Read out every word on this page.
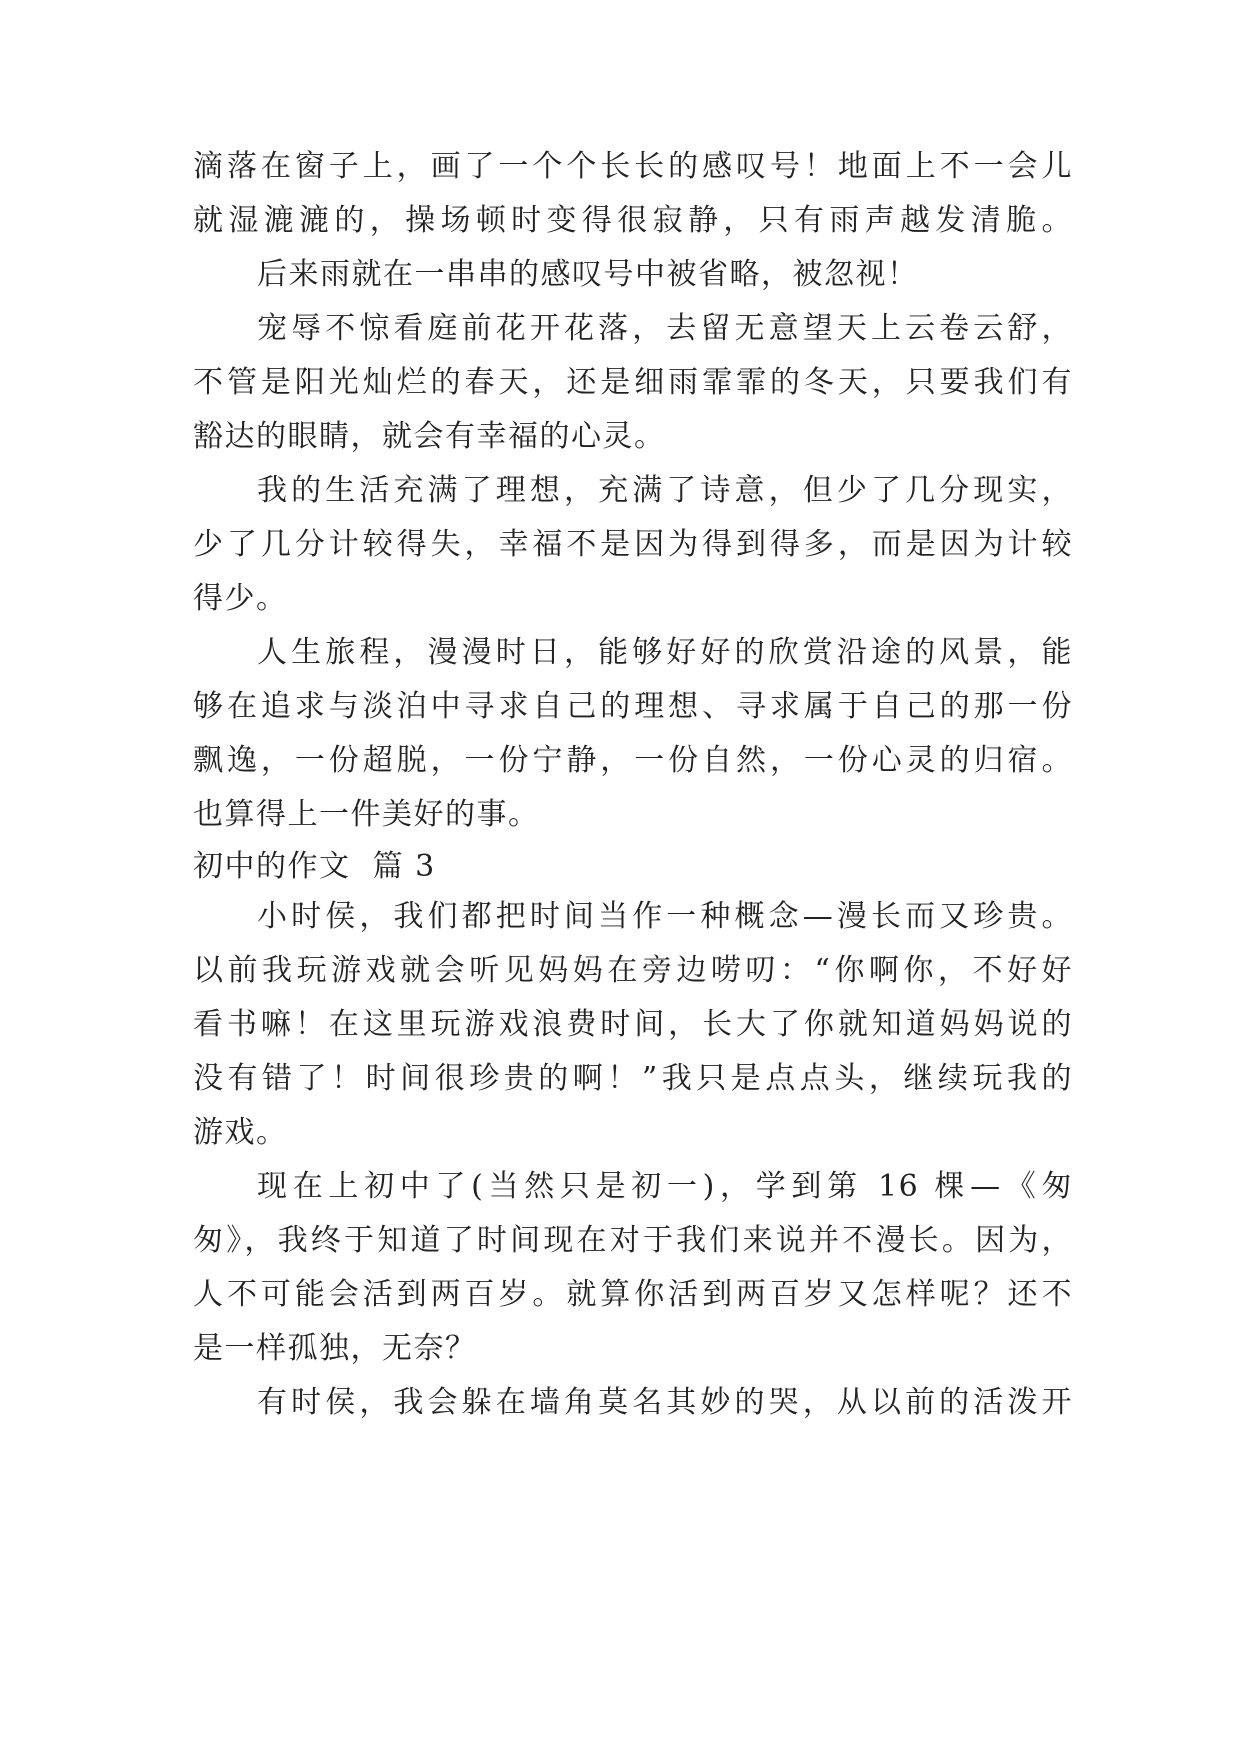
滴落在窗子上，画了一个个长长的感叹号！地面上不一会儿
就湿漉漉的，操场顿时变得很寂静，只有雨声越发清脆。
后来雨就在一串串的感叹号中被省略，被忽视！
宠辱不惊看庭前花开花落，去留无意望天上云卷云舒，
不管是阳光灿烂的春天，还是细雨霏霏的冬天，只要我们有
豁达的眼睛，就会有幸福的心灵。
我的生活充满了理想，充满了诗意，但少了几分现实，
少了几分计较得失，幸福不是因为得到得多，而是因为计较
得少。
人生旅程，漫漫时日，能够好好的欣赏沿途的风景，能
够在追求与淡泊中寻求自己的理想、寻求属于自己的那一份
飘逸，一份超脱，一份宁静，一份自然，一份心灵的归宿。
也算得上一件美好的事。
初中的作文  篇 3
小时侯，我们都把时间当作一种概念—漫长而又珍贵。
以前我玩游戏就会听见妈妈在旁边唠叨：“你啊你，不好好
看书嘛！在这里玩游戏浪费时间，长大了你就知道妈妈说的
没有错了！时间很珍贵的啊！”我只是点点头，继续玩我的
游戏。
现在上初中了(当然只是初一)，学到第 16 棵—《匆
匆》，我终于知道了时间现在对于我们来说并不漫长。因为，
人不可能会活到两百岁。就算你活到两百岁又怎样呢？还不
是一样孤独，无奈？
有时侯，我会躲在墙角莫名其妙的哭，从以前的活泼开
